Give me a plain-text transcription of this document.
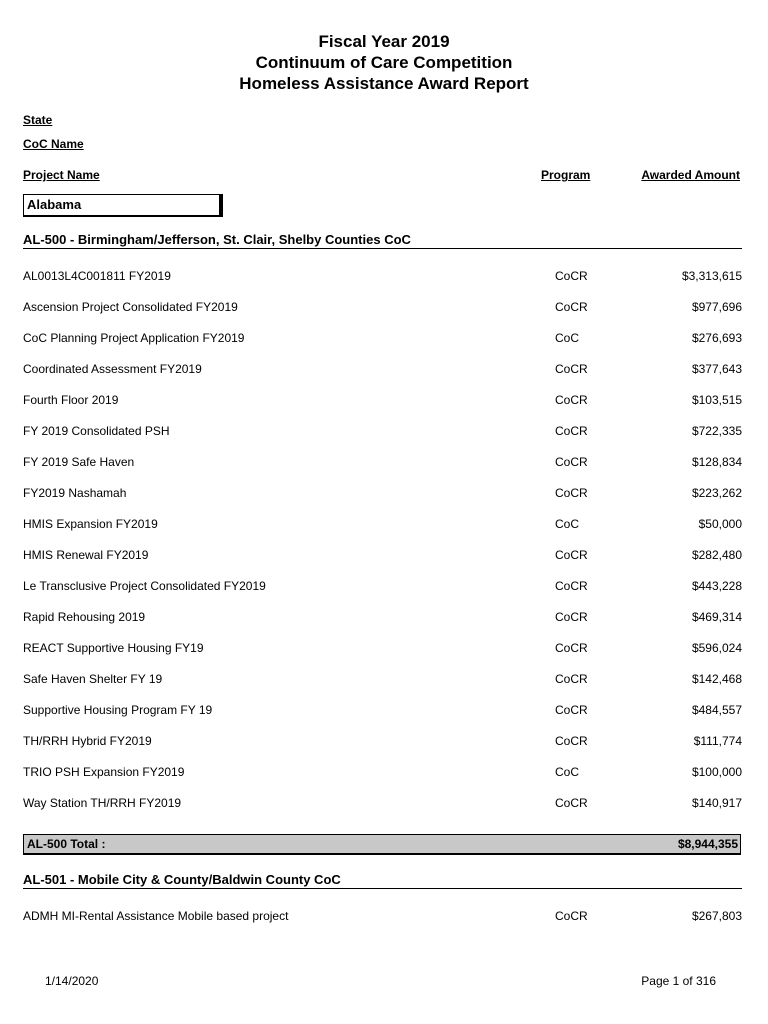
Fiscal Year 2019
Continuum of Care Competition
Homeless Assistance Award Report
State
CoC Name
Project Name	Program	Awarded Amount
Alabama
AL-500 - Birmingham/Jefferson, St. Clair, Shelby Counties CoC
AL0013L4C001811 FY2019	CoCR	$3,313,615
Ascension Project Consolidated FY2019	CoCR	$977,696
CoC Planning Project Application FY2019	CoC	$276,693
Coordinated Assessment FY2019	CoCR	$377,643
Fourth Floor 2019	CoCR	$103,515
FY 2019 Consolidated PSH	CoCR	$722,335
FY 2019 Safe Haven	CoCR	$128,834
FY2019 Nashamah	CoCR	$223,262
HMIS Expansion FY2019	CoC	$50,000
HMIS Renewal FY2019	CoCR	$282,480
Le Transclusive Project Consolidated FY2019	CoCR	$443,228
Rapid Rehousing 2019	CoCR	$469,314
REACT Supportive Housing FY19	CoCR	$596,024
Safe Haven Shelter FY 19	CoCR	$142,468
Supportive Housing Program FY 19	CoCR	$484,557
TH/RRH Hybrid FY2019	CoCR	$111,774
TRIO PSH Expansion FY2019	CoC	$100,000
Way Station TH/RRH FY2019	CoCR	$140,917
AL-500 Total :	$8,944,355
AL-501 - Mobile City & County/Baldwin County CoC
ADMH MI-Rental Assistance Mobile based project	CoCR	$267,803
1/14/2020	Page 1 of 316
